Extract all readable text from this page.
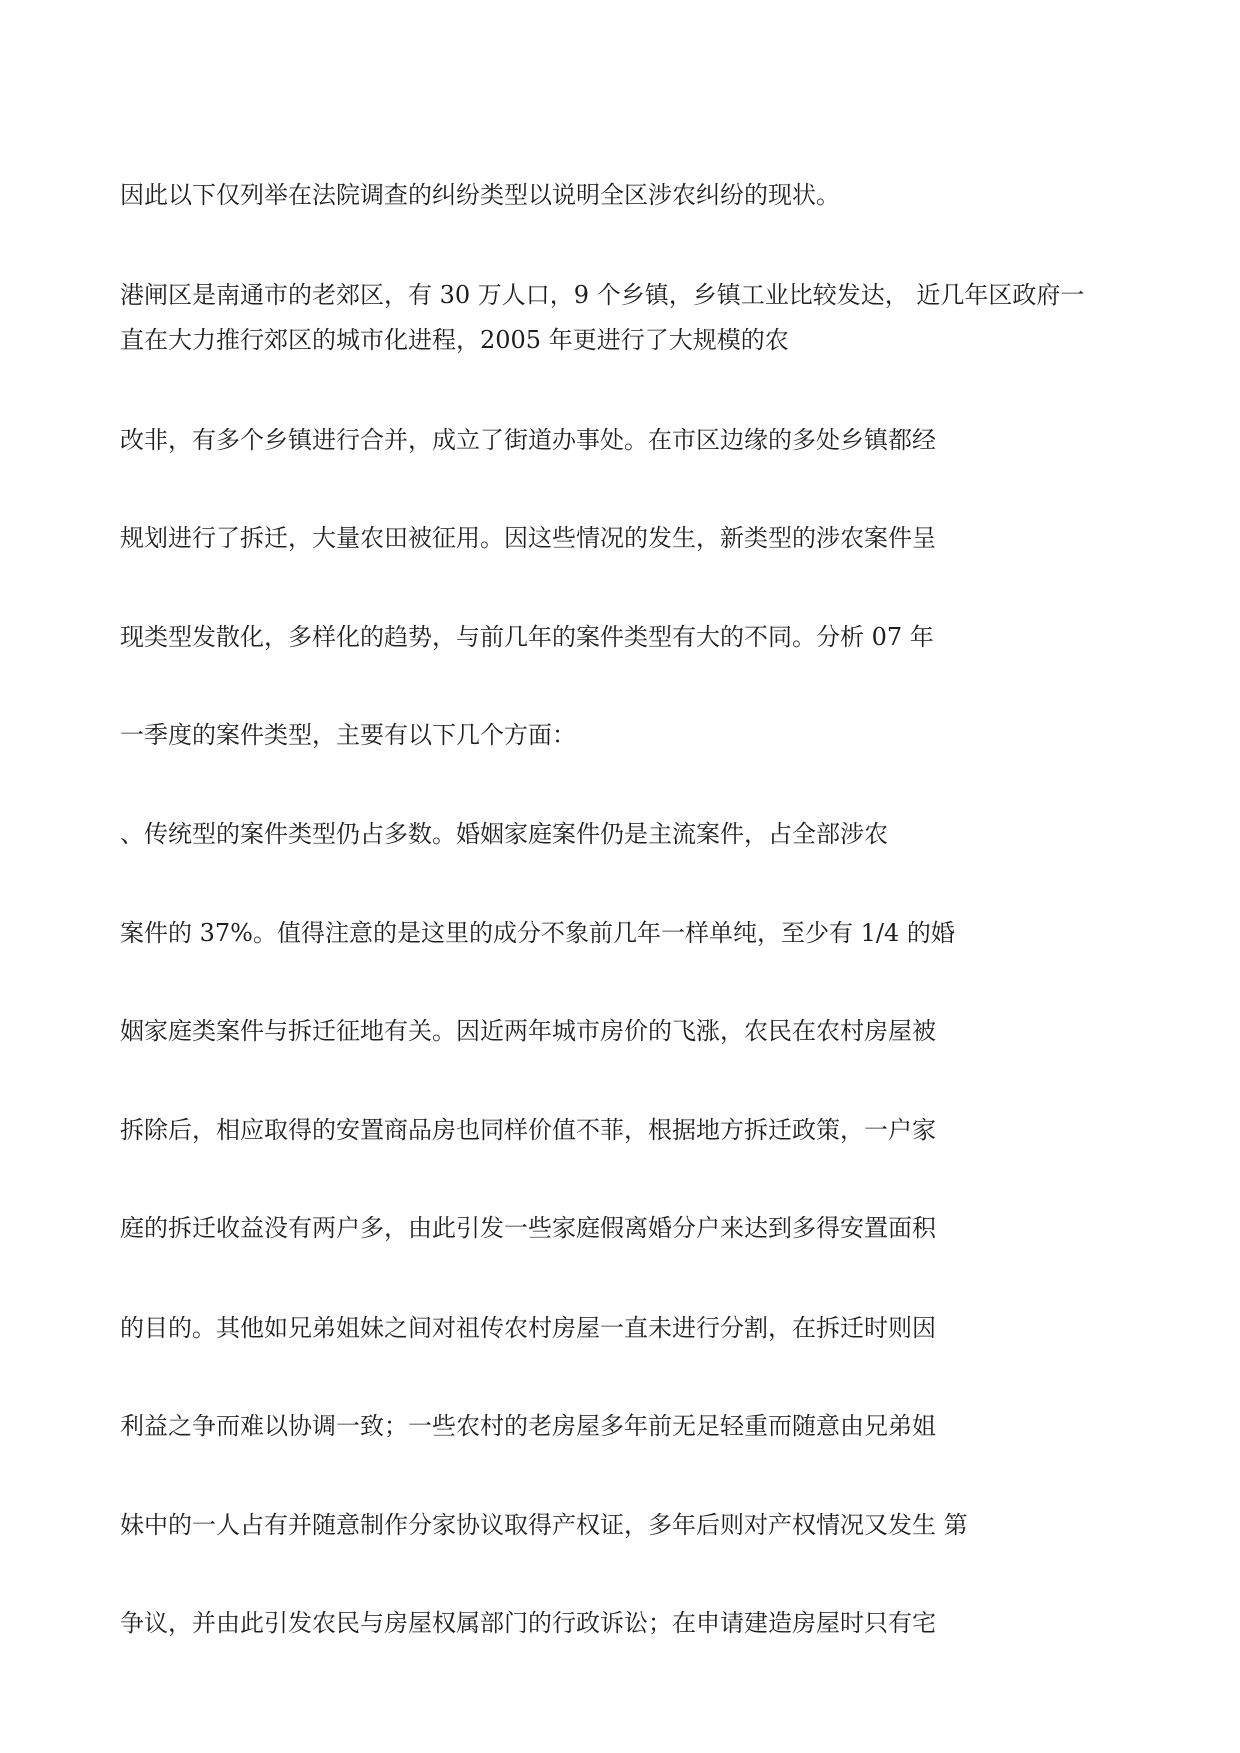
因此以下仅列举在法院调查的纠纷类型以说明全区涉农纠纷的现状。
港闸区是南通市的老郊区，有 30 万人口，9 个乡镇，乡镇工业比较发达， 近几年区政府一
直在大力推行郊区的城市化进程，2005 年更进行了大规模的农
改非，有多个乡镇进行合并，成立了街道办事处。在市区边缘的多处乡镇都经
规划进行了拆迁，大量农田被征用。因这些情况的发生，新类型的涉农案件呈
现类型发散化，多样化的趋势，与前几年的案件类型有大的不同。分析 07 年
一季度的案件类型，主要有以下几个方面：
、传统型的案件类型仍占多数。婚姻家庭案件仍是主流案件，占全部涉农
案件的 37%。值得注意的是这里的成分不象前几年一样单纯，至少有 1/4 的婚
姻家庭类案件与拆迁征地有关。因近两年城市房价的飞涨，农民在农村房屋被
拆除后，相应取得的安置商品房也同样价值不菲，根据地方拆迁政策，一户家
庭的拆迁收益没有两户多，由此引发一些家庭假离婚分户来达到多得安置面积
的目的。其他如兄弟姐妹之间对祖传农村房屋一直未进行分割，在拆迁时则因
利益之争而难以协调一致；一些农村的老房屋多年前无足轻重而随意由兄弟姐
妹中的一人占有并随意制作分家协议取得产权证，多年后则对产权情况又发生 第
争议，并由此引发农民与房屋权属部门的行政诉讼；在申请建造房屋时只有宅
